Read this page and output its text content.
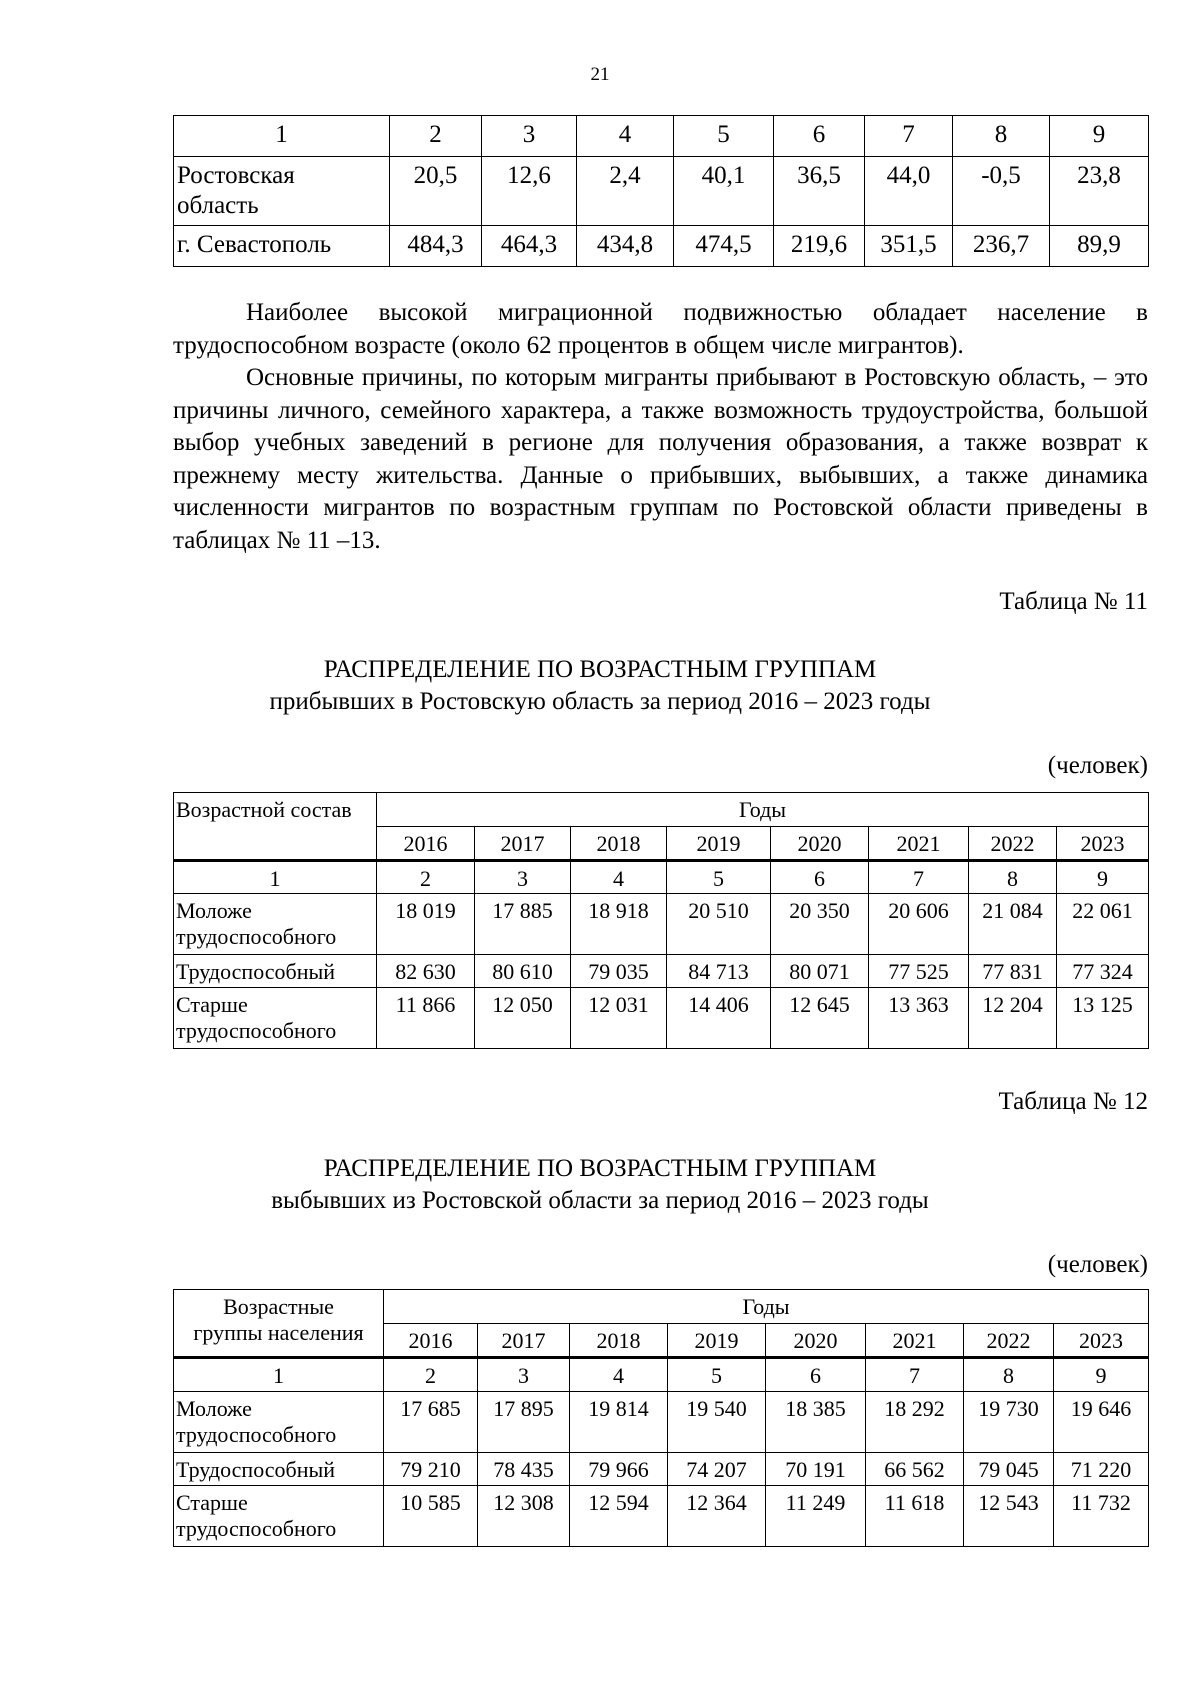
21
1	2	3	4	5	6	7	8	9
Ростовская
область	20,5	12,6	2,4	40,1	36,5	44,0	-0,5	23,8
г. Севастополь	484,3	464,3	434,8	474,5	219,6	351,5	236,7	89,9

Наиболее высокой миграционной подвижностью обладает население в трудоспособном возрасте (около 62 процентов в общем числе мигрантов).

Основные причины, по которым мигранты прибывают в Ростовскую область, – это причины личного, семейного характера, а также возможность трудоустройства, большой выбор учебных заведений в регионе для получения образования, а также возврат к прежнему месту жительства. Данные о прибывших, выбывших, а также динамика численности мигрантов по возрастным группам по Ростовской области приведены в таблицах № 11 –13.

Таблица № 11
РАСПРЕДЕЛЕНИЕ ПО ВОЗРАСТНЫМ ГРУППАМ
прибывших в Ростовскую область за период 2016 – 2023 годы
(человек)
Возрастной состав	Годы							
	2016	2017	2018	2019	2020	2021	2022	2023
1	2	3	4	5	6	7	8	9
Моложе
трудоспособного	18 019	17 885	18 918	20 510	20 350	20 606	21 084	22 061
Трудоспособный	82 630	80 610	79 035	84 713	80 071	77 525	77 831	77 324
Старше
трудоспособного	11 866	12 050	12 031	14 406	12 645	13 363	12 204	13 125
Таблица № 12
РАСПРЕДЕЛЕНИЕ ПО ВОЗРАСТНЫМ ГРУППАМ
выбывших из Ростовской области за период 2016 – 2023 годы
(человек)
Возрастные
группы населения	Годы							
	2016	2017	2018	2019	2020	2021	2022	2023
1	2	3	4	5	6	7	8	9
Моложе
трудоспособного	17 685	17 895	19 814	19 540	18 385	18 292	19 730	19 646
Трудоспособный	79 210	78 435	79 966	74 207	70 191	66 562	79 045	71 220
Старше
трудоспособного	10 585	12 308	12 594	12 364	11 249	11 618	12 543	11 732
